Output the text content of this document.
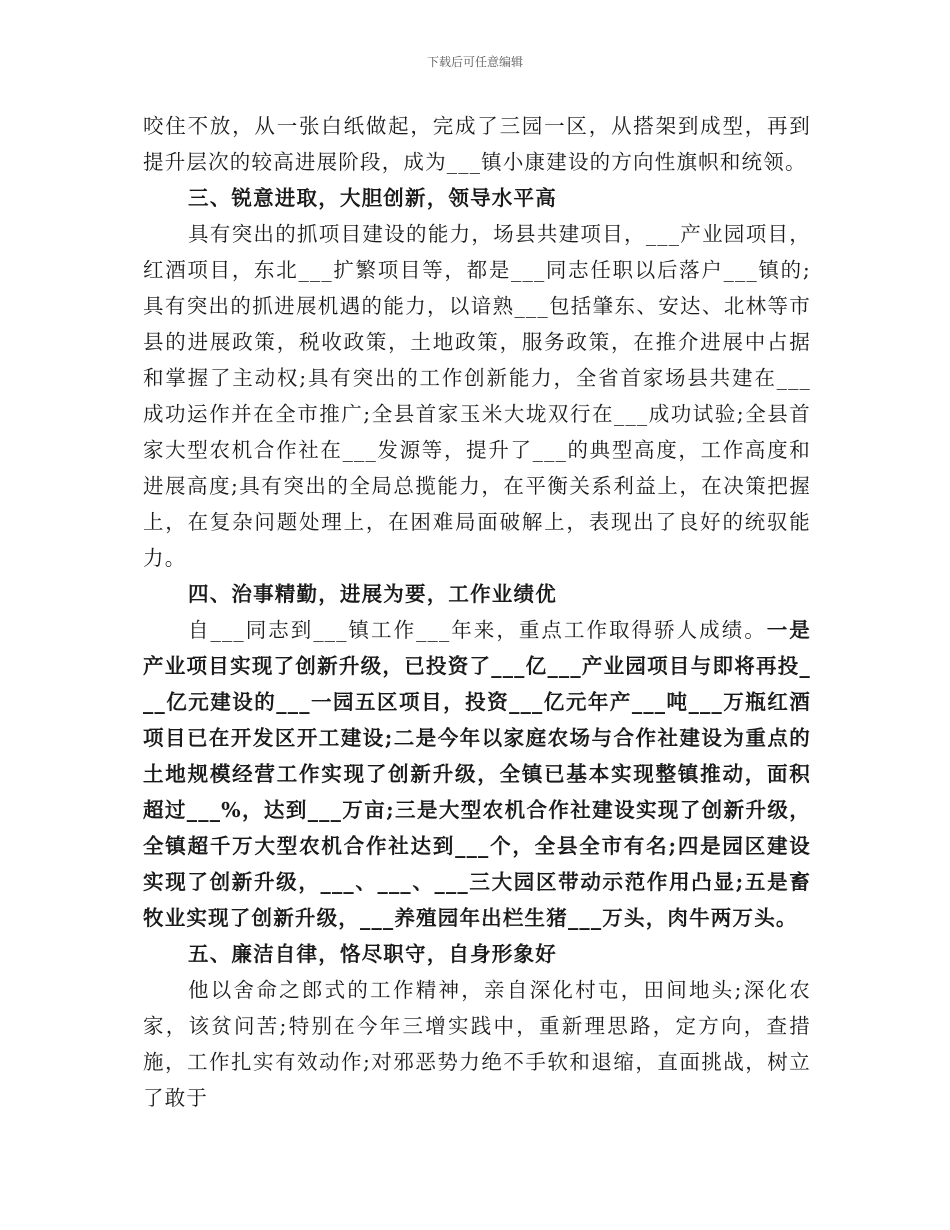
下载后可任意编辑

咬住不放，从一张白纸做起，完成了三园一区，从搭架到成型，再到提升层次的较高进展阶段，成为___镇小康建设的方向性旗帜和统领。

三、锐意进取，大胆创新，领导水平高

具有突出的抓项目建设的能力，场县共建项目，___产业园项目，红酒项目，东北___扩繁项目等，都是___同志任职以后落户___镇的;具有突出的抓进展机遇的能力，以谙熟___包括肇东、安达、北林等市县的进展政策，税收政策，土地政策，服务政策，在推介进展中占据和掌握了主动权;具有突出的工作创新能力，全省首家场县共建在___成功运作并在全市推广;全县首家玉米大垅双行在___成功试验;全县首家大型农机合作社在___发源等，提升了___的典型高度，工作高度和进展高度;具有突出的全局总揽能力，在平衡关系利益上，在决策把握上，在复杂问题处理上，在困难局面破解上，表现出了良好的统驭能力。

四、治事精勤，进展为要，工作业绩优

自___同志到___镇工作___年来，重点工作取得骄人成绩。一是产业项目实现了创新升级，已投资了___亿___产业园项目与即将再投___亿元建设的___一园五区项目，投资___亿元年产___吨___万瓶红酒项目已在开发区开工建设;二是今年以家庭农场与合作社建设为重点的土地规模经营工作实现了创新升级，全镇已基本实现整镇推动，面积超过___%，达到___万亩;三是大型农机合作社建设实现了创新升级，全镇超千万大型农机合作社达到___个，全县全市有名;四是园区建设实现了创新升级，___、___、___三大园区带动示范作用凸显;五是畜牧业实现了创新升级，___养殖园年出栏生猪___万头，肉牛两万头。

五、廉洁自律，恪尽职守，自身形象好

他以舍命之郎式的工作精神，亲自深化村屯，田间地头;深化农家，该贫问苦;特别在今年三增实践中，重新理思路，定方向，查措施，工作扎实有效动作;对邪恶势力绝不手软和退缩，直面挑战，树立了敢于
